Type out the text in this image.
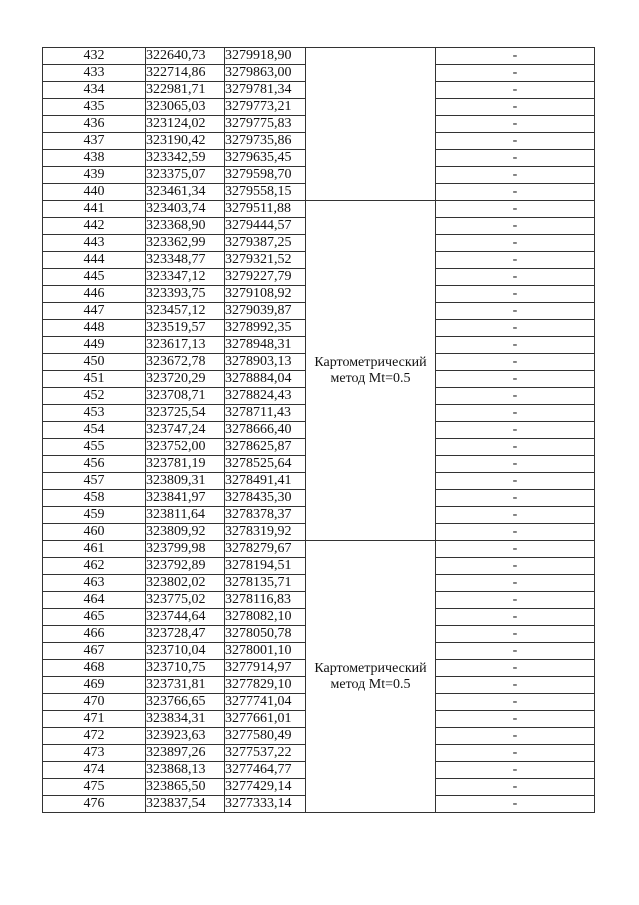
432	322640,73	3279918,90		-
433	322714,86	3279863,00		-
434	322981,71	3279781,34		-
435	323065,03	3279773,21		-
436	323124,02	3279775,83		-
437	323190,42	3279735,86		-
438	323342,59	3279635,45		-
439	323375,07	3279598,70		-
440	323461,34	3279558,15		-
441	323403,74	3279511,88	Картометрический метод Mt=0.5	-
442	323368,90	3279444,57		-
443	323362,99	3279387,25		-
444	323348,77	3279321,52		-
445	323347,12	3279227,79		-
446	323393,75	3279108,92		-
447	323457,12	3279039,87		-
448	323519,57	3278992,35		-
449	323617,13	3278948,31		-
450	323672,78	3278903,13		-
451	323720,29	3278884,04		-
452	323708,71	3278824,43		-
453	323725,54	3278711,43		-
454	323747,24	3278666,40		-
455	323752,00	3278625,87		-
456	323781,19	3278525,64		-
457	323809,31	3278491,41		-
458	323841,97	3278435,30		-
459	323811,64	3278378,37		-
460	323809,92	3278319,92		-
461	323799,98	3278279,67	Картометрический метод Mt=0.5	-
462	323792,89	3278194,51		-
463	323802,02	3278135,71		-
464	323775,02	3278116,83		-
465	323744,64	3278082,10		-
466	323728,47	3278050,78		-
467	323710,04	3278001,10		-
468	323710,75	3277914,97		-
469	323731,81	3277829,10		-
470	323766,65	3277741,04		-
471	323834,31	3277661,01		-
472	323923,63	3277580,49		-
473	323897,26	3277537,22		-
474	323868,13	3277464,77		-
475	323865,50	3277429,14		-
476	323837,54	3277333,14		-
